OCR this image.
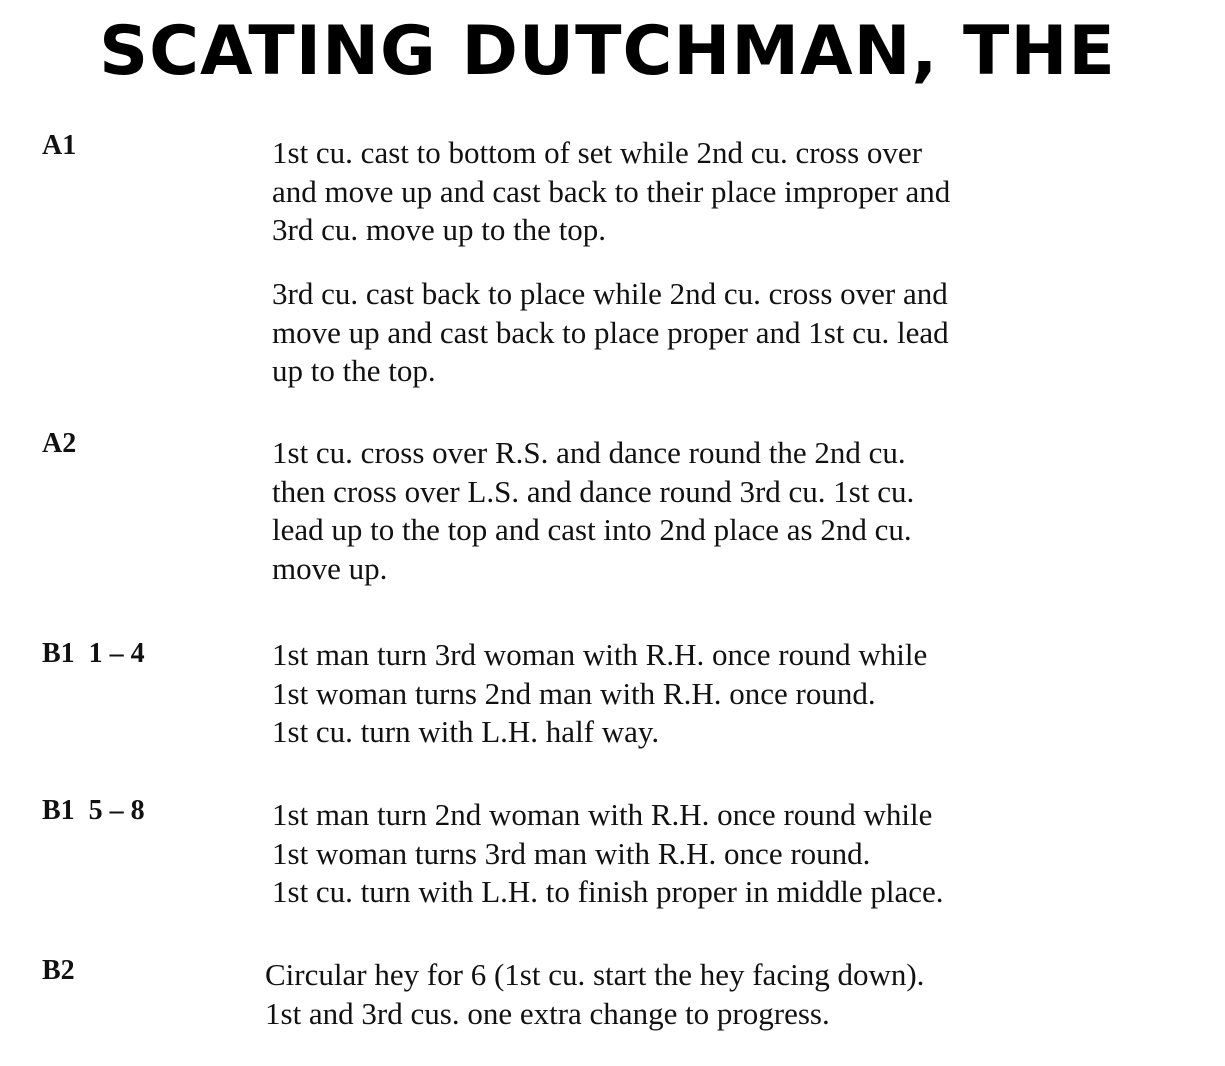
SCATING DUTCHMAN, THE
A1	1st cu. cast to bottom of set while 2nd cu. cross over
and move up and cast back to their place improper and
3rd cu. move up to the top.
3rd cu. cast back to place while 2nd cu. cross over and
move up and cast back to place proper and 1st cu. lead
up to the top.
A2	1st cu. cross over R.S. and dance round the 2nd cu.
then cross over L.S. and dance round 3rd cu. 1st cu.
lead up to the top and cast into 2nd place as 2nd cu.
move up.
B1  1 – 4	1st man turn 3rd woman with R.H. once round while
1st woman turns 2nd man with R.H. once round.
1st cu. turn with L.H. half way.
B1  5 – 8	1st man turn 2nd woman with R.H. once round while
1st woman turns 3rd man with R.H. once round.
1st cu. turn with L.H. to finish proper in middle place.
B2	Circular hey for 6 (1st cu. start the hey facing down).
1st and 3rd cus. one extra change to progress.
